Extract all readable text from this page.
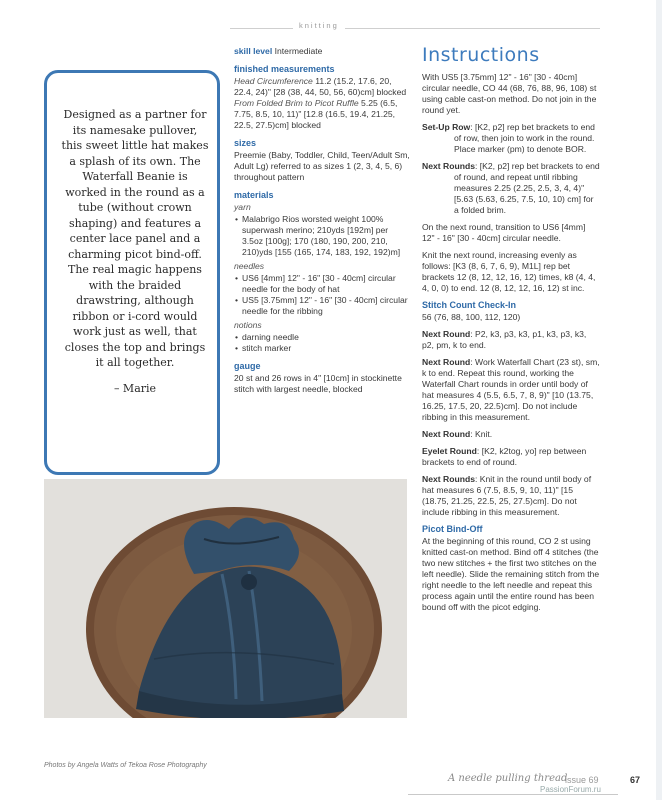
knitting
Designed as a partner for its namesake pullover, this sweet little hat makes a splash of its own. The Waterfall Beanie is worked in the round as a tube (without crown shaping) and features a center lace panel and a charming picot bind-off. The real magic happens with the braided drawstring, although ribbon or i-cord would work just as well, that closes the top and brings it all together.
– Marie

skill level Intermediate

finished measurements

Head Circumference 11.2 (15.2, 17.6, 20, 22.4, 24)" [28 (38, 44, 50, 56, 60)cm] blocked

From Folded Brim to Picot Ruffle 5.25 (6.5, 7.75, 8.5, 10, 11)" [12.8 (16.5, 19.4, 21.25, 22.5, 27.5)cm] blocked

sizes

Preemie (Baby, Toddler, Child, Teen/Adult Sm, Adult Lg) referred to as sizes 1 (2, 3, 4, 5, 6) throughout pattern

materials

yarn

• Malabrigo Rios worsted weight 100% superwash merino; 210yds [192m] per 3.5oz [100g]; 170 (180, 190, 200, 210, 210)yds [155 (165, 174, 183, 192, 192)m]

needles

• US6 [4mm] 12" - 16" [30 - 40cm] circular needle for the body of hat
• US5 [3.75mm] 12" - 16" [30 - 40cm] circular needle for the ribbing

notions

• darning needle
• stitch marker
gauge

20 st and 26 rows in 4" [10cm] in stockinette stitch with largest needle, blocked

Instructions

With US5 [3.75mm] 12" - 16" [30 - 40cm] circular needle, CO 44 (68, 76, 88, 96, 108) st using cable cast-on method. Do not join in the round yet.

Set-Up Row: [K2, p2] rep bet brackets to end of row, then join to work in the round. Place marker (pm) to denote BOR.

Next Rounds: [K2, p2] rep bet brackets to end of round, and repeat until ribbing measures 2.25 (2.25, 2.5, 3, 4, 4)" [5.63 (5.63, 6.25, 7.5, 10, 10) cm] for a folded brim.

On the next round, transition to US6 [4mm] 12" - 16" [30 - 40cm] circular needle.

Knit the next round, increasing evenly as follows: [K3 (8, 6, 7, 6, 9), M1L] rep bet brackets 12 (8, 12, 12, 16, 12) times, k8 (4, 4, 4, 0, 0) to end. 12 (8, 12, 12, 16, 12) st inc.

Stitch Count Check-In

56 (76, 88, 100, 112, 120)

Next Round: P2, k3, p3, k3, p1, k3, p3, k3, p2, pm, k to end.

Next Round: Work Waterfall Chart (23 st), sm, k to end. Repeat this round, working the Waterfall Chart rounds in order until body of hat measures 4 (5.5, 6.5, 7, 8, 9)" [10 (13.75, 16.25, 17.5, 20, 22.5)cm]. Do not include ribbing in this measurement.

Next Round: Knit.

Eyelet Round: [K2, k2tog, yo] rep between brackets to end of round.

Next Rounds: Knit in the round until body of hat measures 6 (7.5, 8.5, 9, 10, 11)" [15 (18.75, 21.25, 22.5, 25, 27.5)cm]. Do not include ribbing in this measurement.

Picot Bind-Off

At the beginning of this round, CO 2 st using knitted cast-on method. Bind off 4 stitches (the two new stitches + the first two stitches on the left needle). Slide the remaining stitch from the right needle to the left needle and repeat this process again until the entire round has been bound off with the picot edging.

Photos by Angela Watts of Tekoa Rose Photography
A needle pulling thread
issue 69	67
PassionForum.ru
